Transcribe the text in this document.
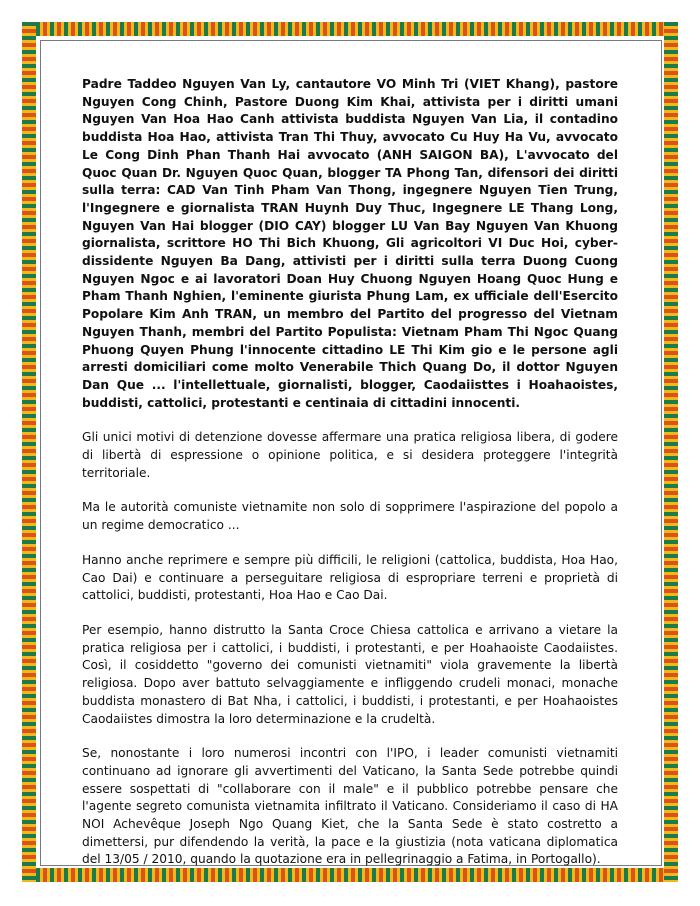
Padre Taddeo Nguyen Van Ly, cantautore VO Minh Tri (VIET Khang), pastore Nguyen Cong Chinh, Pastore Duong Kim Khai, attivista per i diritti umani Nguyen Van Hoa Hao Canh attivista buddista Nguyen Van Lia, il contadino buddista Hoa Hao, attivista Tran Thi Thuy, avvocato Cu Huy Ha Vu, avvocato Le Cong Dinh Phan Thanh Hai avvocato (ANH SAIGON BA), L'avvocato del Quoc Quan Dr. Nguyen Quoc Quan, blogger TA Phong Tan, difensori dei diritti sulla terra: CAD Van Tinh Pham Van Thong, ingegnere Nguyen Tien Trung, l'Ingegnere e giornalista TRAN Huynh Duy Thuc, Ingegnere LE Thang Long, Nguyen Van Hai blogger (DIO CAY) blogger LU Van Bay Nguyen Van Khuong giornalista, scrittore HO Thi Bich Khuong, Gli agricoltori VI Duc Hoi, cyber-dissidente Nguyen Ba Dang, attivisti per i diritti sulla terra Duong Cuong Nguyen Ngoc e ai lavoratori Doan Huy Chuong Nguyen Hoang Quoc Hung e Pham Thanh Nghien, l'eminente giurista Phung Lam, ex ufficiale dell'Esercito Popolare Kim Anh TRAN, un membro del Partito del progresso del Vietnam Nguyen Thanh, membri del Partito Populista: Vietnam Pham Thi Ngoc Quang Phuong Quyen Phung l'innocente cittadino LE Thi Kim gio e le persone agli arresti domiciliari come molto Venerabile Thich Quang Do, il dottor Nguyen Dan Que ... l'intellettuale, giornalisti, blogger, Caodaiisttes i Hoahaoistes, buddisti, cattolici, protestanti e centinaia di cittadini innocenti.

Gli unici motivi di detenzione dovesse affermare una pratica religiosa libera, di godere di libertà di espressione o opinione politica, e si desidera proteggere l'integrità territoriale.

Ma le autorità comuniste vietnamite non solo di sopprimere l'aspirazione del popolo a un regime democratico ...

Hanno anche reprimere e sempre più difficili, le religioni (cattolica, buddista, Hoa Hao, Cao Dai) e continuare a perseguitare religiosa di espropriare terreni e proprietà di cattolici, buddisti, protestanti, Hoa Hao e Cao Dai.

Per esempio, hanno distrutto la Santa Croce Chiesa cattolica e arrivano a vietare la pratica religiosa per i cattolici, i buddisti, i protestanti, e per Hoahaoiste Caodaiistes. Così, il cosiddetto "governo dei comunisti vietnamiti" viola gravemente la libertà religiosa. Dopo aver battuto selvaggiamente e infliggendo crudeli monaci, monache buddista monastero di Bat Nha, i cattolici, i buddisti, i protestanti, e per Hoahaoistes Caodaiistes dimostra la loro determinazione e la crudeltà.

Se, nonostante i loro numerosi incontri con l'IPO, i leader comunisti vietnamiti continuano ad ignorare gli avvertimenti del Vaticano, la Santa Sede potrebbe quindi essere sospettati di "collaborare con il male" e il pubblico potrebbe pensare che l'agente segreto comunista vietnamita infiltrato il Vaticano. Consideriamo il caso di HA NOI Achevêque Joseph Ngo Quang Kiet, che la Santa Sede è stato costretto a dimettersi, pur difendendo la verità, la pace e la giustizia (nota vaticana diplomatica del 13/05 / 2010, quando la quotazione era in pellegrinaggio a Fatima, in Portogallo).
